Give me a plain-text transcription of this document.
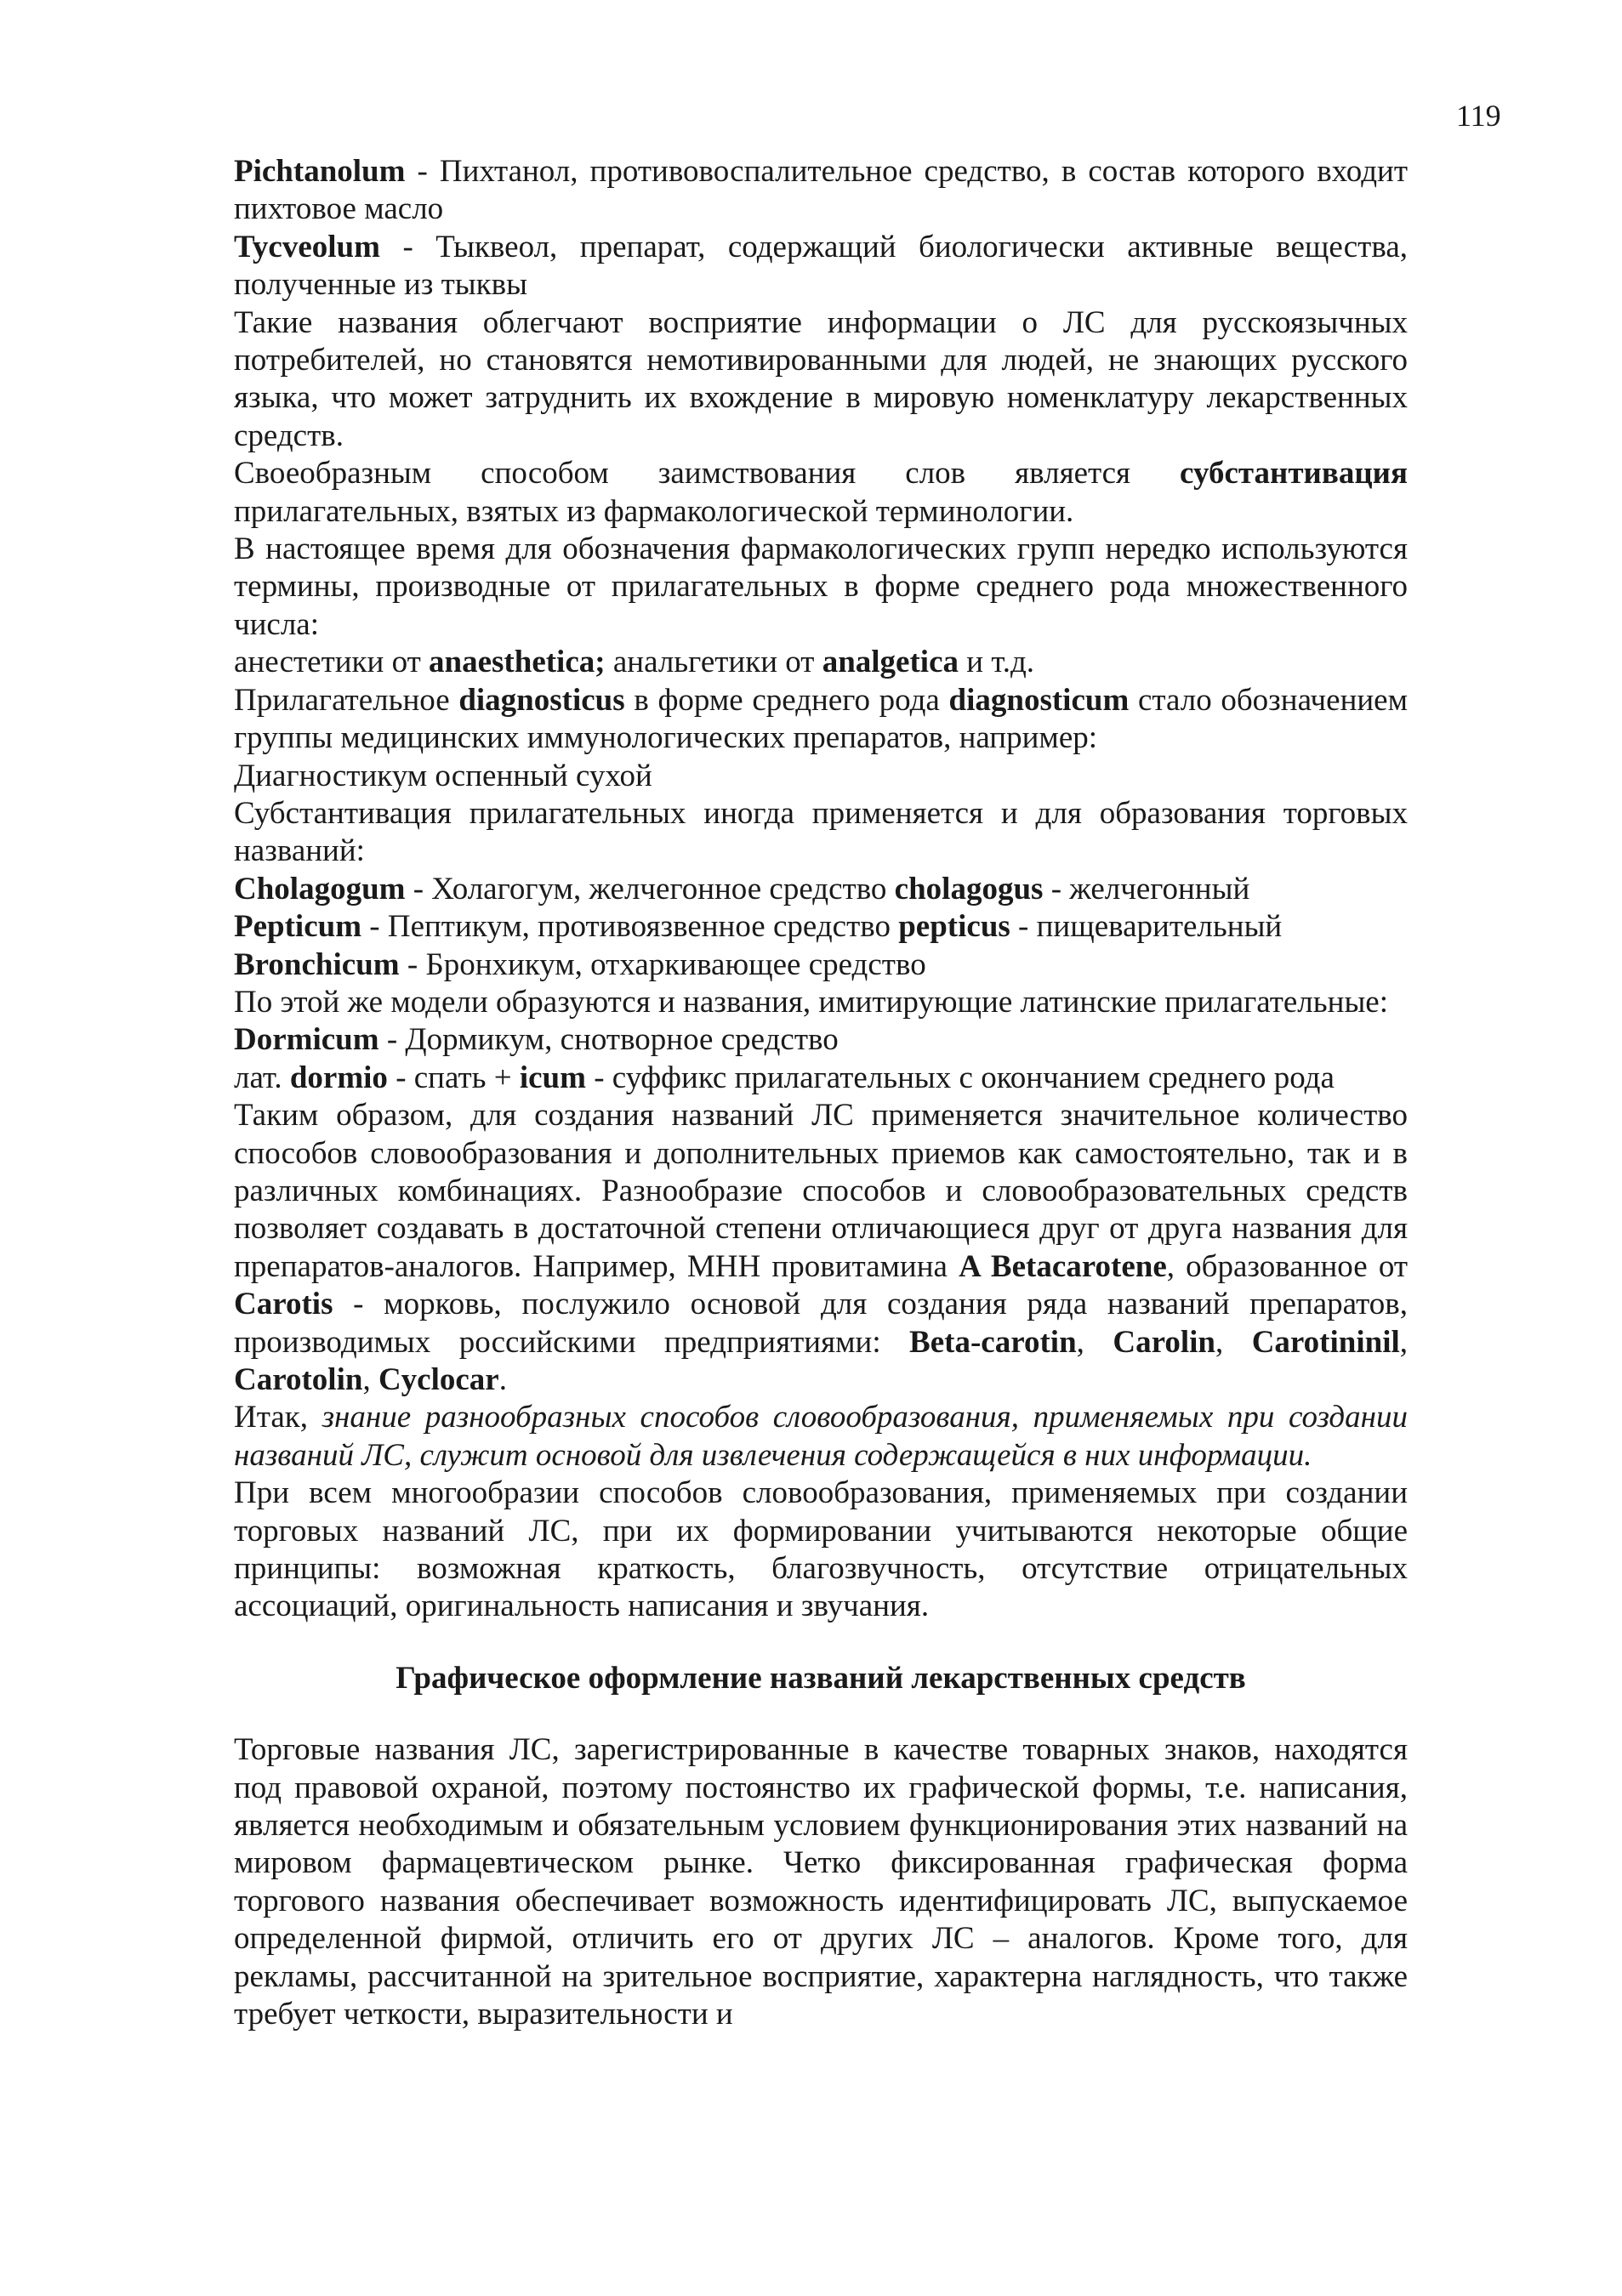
119

Pichtanolum - Пихтанол, противовоспалительное средство, в состав которого входит пихтовое масло

Tycveolum - Тыквеол, препарат, содержащий биологически активные вещества, полученные из тыквы

Такие названия облегчают восприятие информации о ЛС для русскоязычных потребителей, но становятся немотивированными для людей, не знающих русского языка, что может затруднить их вхождение в мировую номенклатуру лекарственных средств.

Своеобразным способом заимствования слов является субстантивация прилагательных, взятых из фармакологической терминологии.

В настоящее время для обозначения фармакологических групп нередко используются термины, производные от прилагательных в форме среднего рода множественного числа:

анестетики от anaesthetica; анальгетики от analgetica и т.д.

Прилагательное diagnosticus в форме среднего рода diagnosticum стало обозначением группы медицинских иммунологических препаратов, например:

Диагностикум оспенный сухой

Субстантивация прилагательных иногда применяется и для образования торговых названий:

Cholagogum - Холагогум, желчегонное средство cholagogus - желчегонный

Pepticum - Пептикум, противоязвенное средство pepticus - пищеварительный

Bronchicum - Бронхикум, отхаркивающее средство

По этой же модели образуются и названия, имитирующие латинские прилагательные:

Dormicum - Дормикум, снотворное средство

лат. dormio - спать + icum - суффикс прилагательных с окончанием среднего рода

Таким образом, для создания названий ЛС применяется значительное количество способов словообразования и дополнительных приемов как самостоятельно, так и в различных комбинациях. Разнообразие способов и словообразовательных средств позволяет создавать в достаточной степени отличающиеся друг от друга названия для препаратов-аналогов. Например, МНН провитамина A Betacarotene, образованное от Carotis - морковь, послужило основой для создания ряда названий препаратов, производимых российскими предприятиями: Beta-carotin, Carolin, Carotininil, Carotolin, Cyclocar.

Итак, знание разнообразных способов словообразования, применяемых при создании названий ЛС, служит основой для извлечения содержащейся в них информации.

При всем многообразии способов словообразования, применяемых при создании торговых названий ЛС, при их формировании учитываются некоторые общие принципы: возможная краткость, благозвучность, отсутствие отрицательных ассоциаций, оригинальность написания и звучания.

Графическое оформление названий лекарственных средств

Торговые названия ЛС, зарегистрированные в качестве товарных знаков, находятся под правовой охраной, поэтому постоянство их графической формы, т.е. написания, является необходимым и обязательным условием функционирования этих названий на мировом фармацевтическом рынке. Четко фиксированная графическая форма торгового названия обеспечивает возможность идентифицировать ЛС, выпускаемое определенной фирмой, отличить его от других ЛС – аналогов. Кроме того, для рекламы, рассчитанной на зрительное восприятие, характерна наглядность, что также требует четкости, выразительности и
